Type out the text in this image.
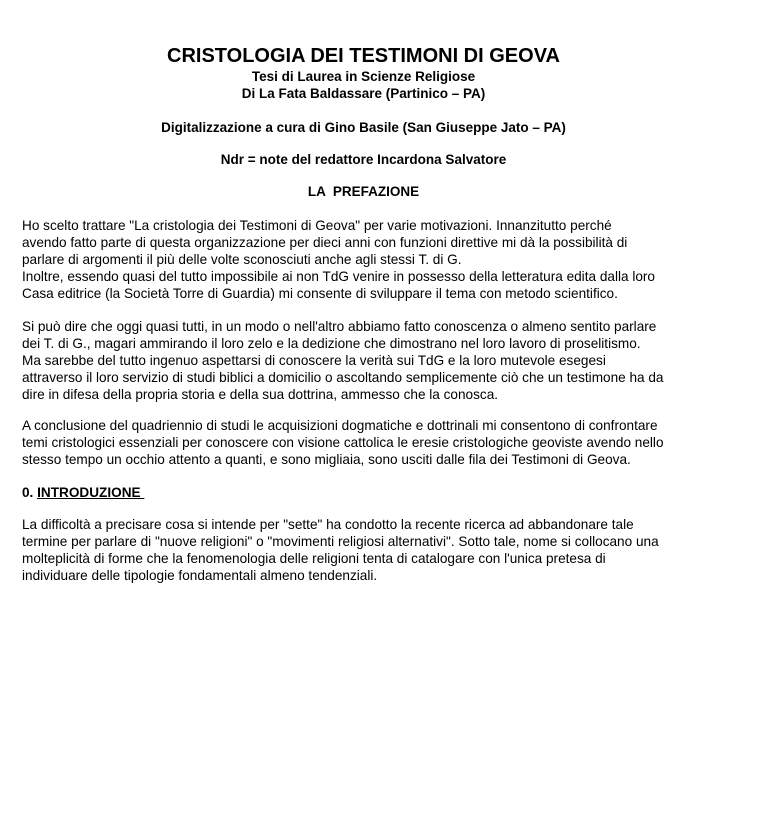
CRISTOLOGIA DEI TESTIMONI DI GEOVA

Tesi di Laurea in Scienze Religiose

Di La Fata Baldassare (Partinico – PA)

Digitalizzazione a cura di Gino Basile (San Giuseppe Jato – PA)

Ndr = note del redattore Incardona Salvatore

LA  PREFAZIONE

Ho scelto trattare "La cristologia dei Testimoni di Geova" per varie motivazioni. Innanzitutto perché
avendo fatto parte di questa organizzazione per dieci anni con funzioni direttive mi dà la possibilità di
parlare di argomenti il più delle volte sconosciuti anche agli stessi T. di G.
Inoltre, essendo quasi del tutto impossibile ai non TdG venire in possesso della letteratura edita dalla loro
Casa editrice (la Società Torre di Guardia) mi consente di sviluppare il tema con metodo scientifico.
Si può dire che oggi quasi tutti, in un modo o nell'altro abbiamo fatto conoscenza o almeno sentito parlare
dei T. di G., magari ammirando il loro zelo e la dedizione che dimostrano nel loro lavoro di proselitismo.
Ma sarebbe del tutto ingenuo aspettarsi di conoscere la verità sui TdG e la loro mutevole esegesi
attraverso il loro servizio di studi biblici a domicilio o ascoltando semplicemente ciò che un testimone ha da
dire in difesa della propria storia e della sua dottrina, ammesso che la conosca.
A conclusione del quadriennio di studi le acquisizioni dogmatiche e dottrinali mi consentono di confrontare
temi cristologici essenziali per conoscere con visione cattolica le eresie cristologiche geoviste avendo nello
stesso tempo un occhio attento a quanti, e sono migliaia, sono usciti dalle fila dei Testimoni di Geova.

0. INTRODUZIONE

La difficoltà a precisare cosa si intende per "sette" ha condotto la recente ricerca ad abbandonare tale
termine per parlare di "nuove religioni" o "movimenti religiosi alternativi". Sotto tale, nome si collocano una
molteplicità di forme che la fenomenologia delle religioni tenta di catalogare con l'unica pretesa di
individuare delle tipologie fondamentali almeno tendenziali.
